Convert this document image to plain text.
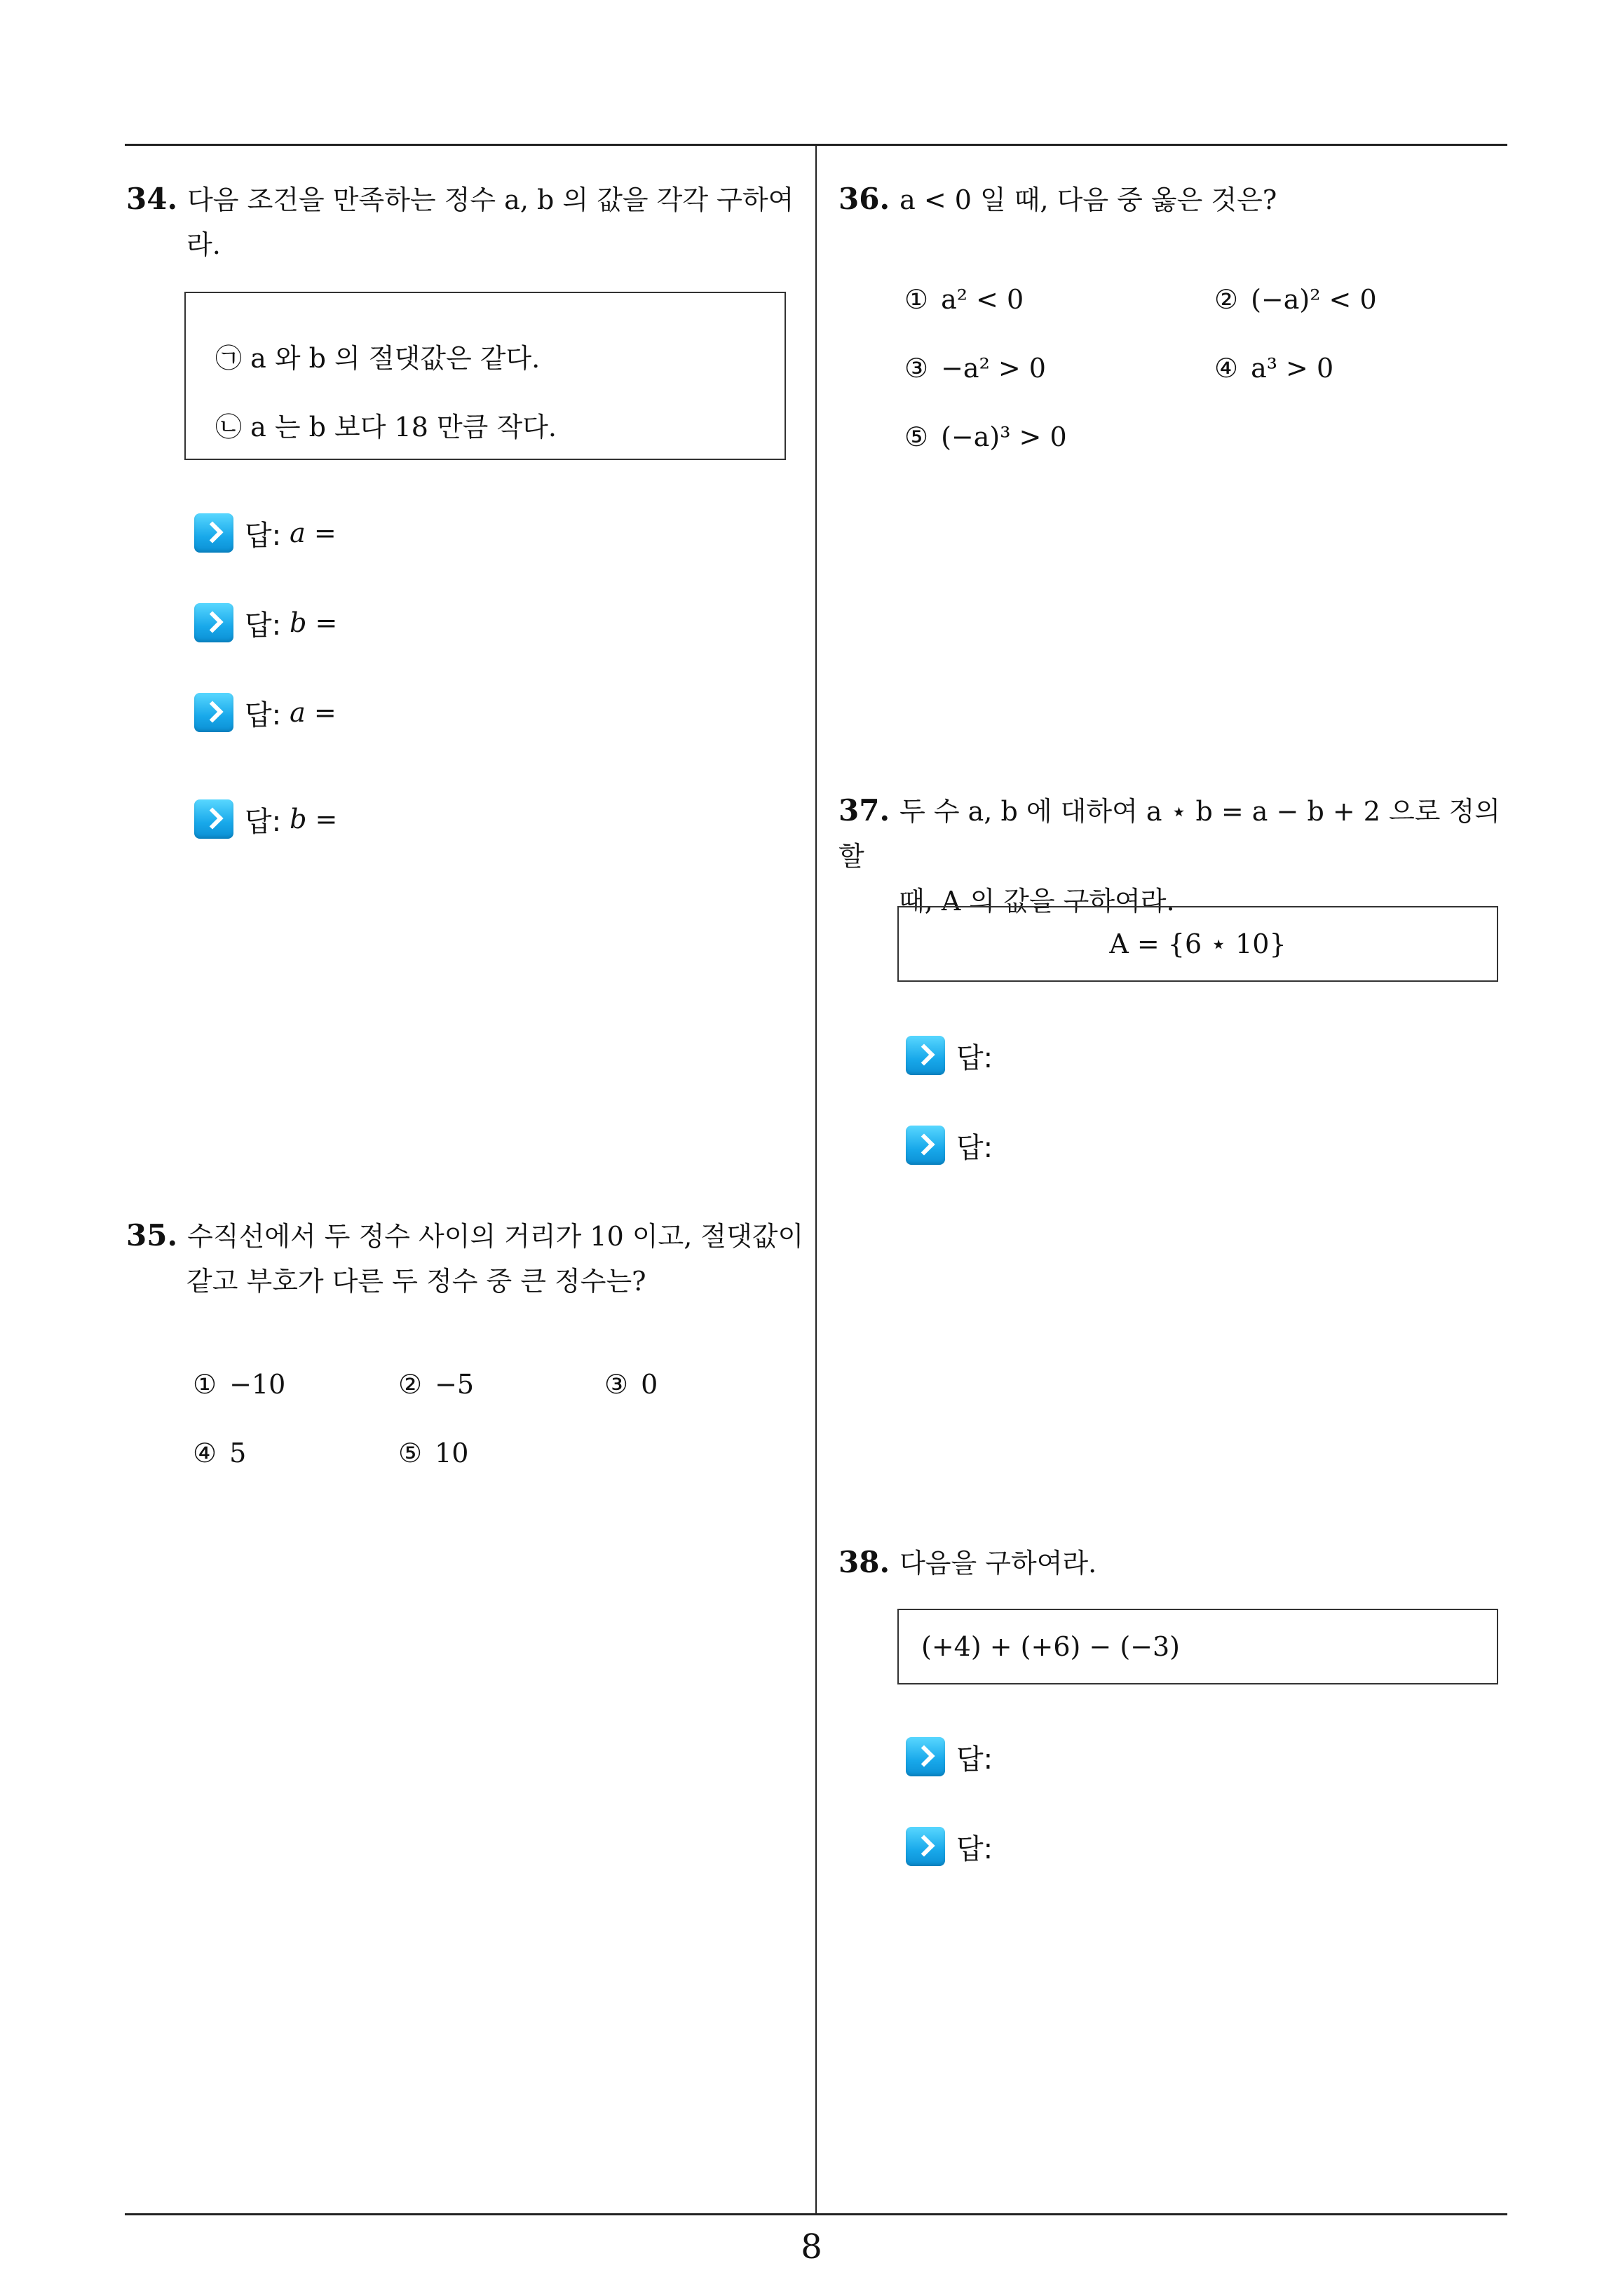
34. 다음 조건을 만족하는 정수 a, b 의 값을 각각 구하여
라.
㉠ a 와 b 의 절댓값은 같다.
㉡ a 는 b 보다 18 만큼 작다.
답: a =
답: b =
답: a =
답: b =
35. 수직선에서 두 정수 사이의 거리가 10 이고, 절댓값이
같고 부호가 다른 두 정수 중 큰 정수는?
① −10	② −5	③ 0
④ 5	⑤ 10
36. a < 0 일 때, 다음 중 옳은 것은?
① a² < 0	② (−a)² < 0
③ −a² > 0	④ a³ > 0
⑤ (−a)³ > 0
37. 두 수 a, b 에 대하여 a ⋆ b = a − b + 2 으로 정의 할
때, A 의 값을 구하여라.
A = {6 ⋆ 10}
답:
답:
38. 다음을 구하여라.
(+4) + (+6) − (−3)
답:
답:
8
